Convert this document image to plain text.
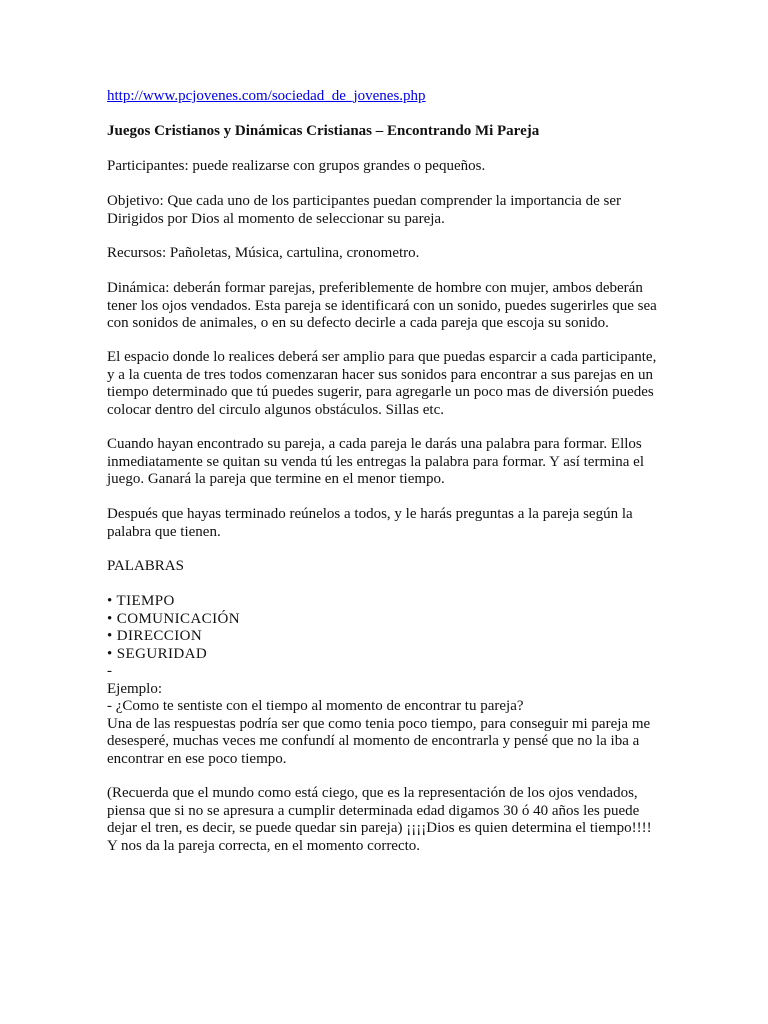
http://www.pcjovenes.com/sociedad_de_jovenes.php
Juegos Cristianos y Dinámicas Cristianas – Encontrando Mi Pareja
Participantes: puede realizarse con grupos grandes o pequeños.
Objetivo: Que cada uno de los participantes puedan comprender la importancia de ser
Dirigidos por Dios al momento de seleccionar su pareja.
Recursos: Pañoletas, Música, cartulina, cronometro.
Dinámica: deberán formar parejas, preferiblemente de hombre con mujer, ambos deberán
tener los ojos vendados. Esta pareja se identificará con un sonido, puedes sugerirles que sea
con sonidos de animales, o en su defecto decirle a cada pareja que escoja su sonido.
El espacio donde lo realices deberá ser amplio para que puedas esparcir a cada participante,
y a la cuenta de tres todos comenzaran hacer sus sonidos para encontrar a sus parejas en un
tiempo determinado que tú puedes sugerir, para agregarle un poco mas de diversión puedes
colocar dentro del circulo algunos obstáculos. Sillas etc.
Cuando hayan encontrado su pareja, a cada pareja le darás una palabra para formar. Ellos
inmediatamente se quitan su venda tú les entregas la palabra para formar. Y así termina el
juego. Ganará la pareja que termine en el menor tiempo.
Después que hayas terminado reúnelos a todos, y le harás preguntas a la pareja según la
palabra que tienen.
PALABRAS
• TIEMPO
• COMUNICACIÓN
• DIRECCION
• SEGURIDAD
-
Ejemplo:
- ¿Como te sentiste con el tiempo al momento de encontrar tu pareja?
Una de las respuestas podría ser que como tenia poco tiempo, para conseguir mi pareja me
desesperé, muchas veces me confundí al momento de encontrarla y pensé que no la iba a
encontrar en ese poco tiempo.
(Recuerda que el mundo como está ciego, que es la representación de los ojos vendados,
piensa que si no se apresura a cumplir determinada edad digamos 30 ó 40 años les puede
dejar el tren, es decir, se puede quedar sin pareja) ¡¡¡¡Dios es quien determina el tiempo!!!!
Y nos da la pareja correcta, en el momento correcto.
